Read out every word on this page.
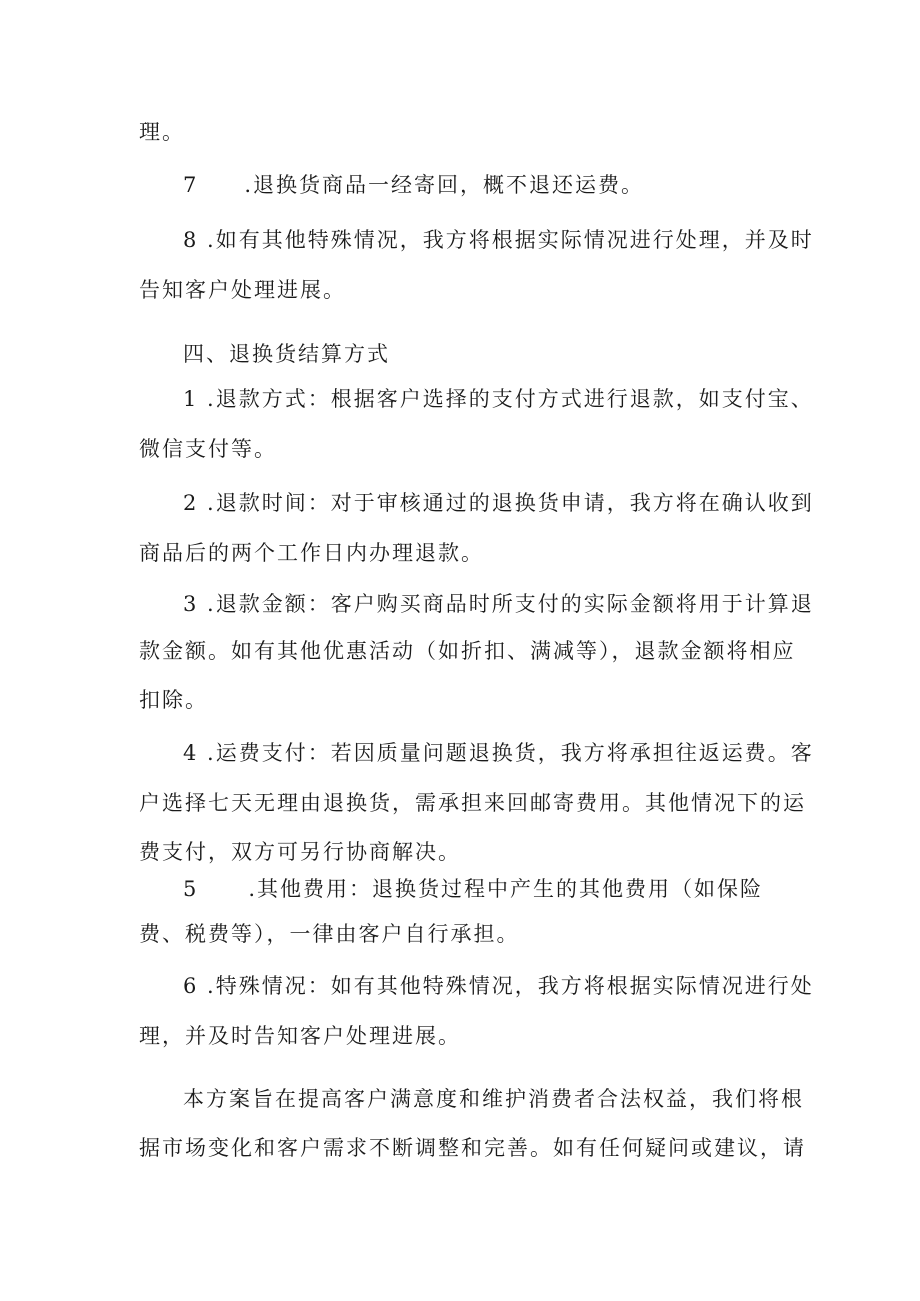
理。
7 .退换货商品一经寄回，概不退还运费。
8 .如有其他特殊情况，我方将根据实际情况进行处理，并及时
告知客户处理进展。
四、退换货结算方式
1 .退款方式：根据客户选择的支付方式进行退款，如支付宝、
微信支付等。
2 .退款时间：对于审核通过的退换货申请，我方将在确认收到
商品后的两个工作日内办理退款。
3 .退款金额：客户购买商品时所支付的实际金额将用于计算退
款金额。如有其他优惠活动（如折扣、满减等），退款金额将相应
扣除。
4 .运费支付：若因质量问题退换货，我方将承担往返运费。客
户选择七天无理由退换货，需承担来回邮寄费用。其他情况下的运
费支付，双方可另行协商解决。
5 .其他费用：退换货过程中产生的其他费用（如保险
费、税费等），一律由客户自行承担。
6 .特殊情况：如有其他特殊情况，我方将根据实际情况进行处
理，并及时告知客户处理进展。
本方案旨在提高客户满意度和维护消费者合法权益，我们将根
据市场变化和客户需求不断调整和完善。如有任何疑问或建议，请
